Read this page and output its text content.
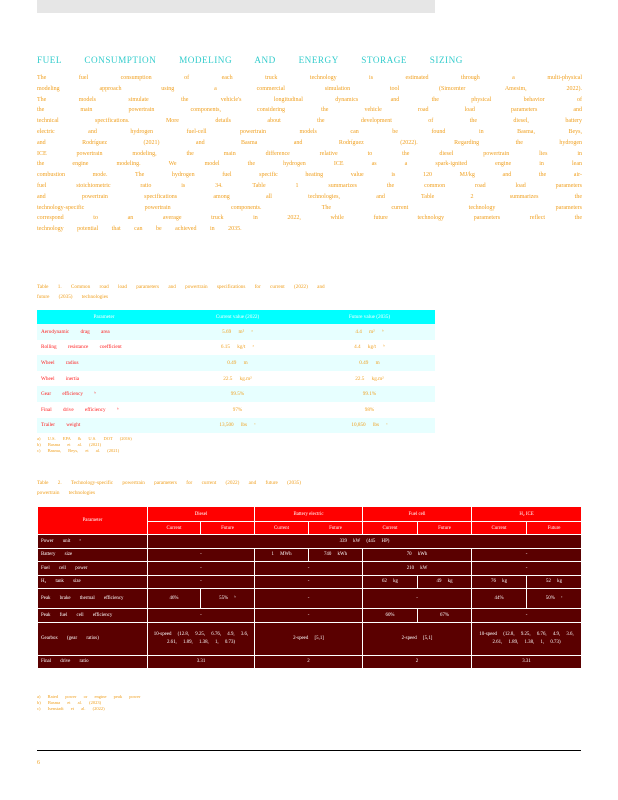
FUEL CONSUMPTION MODELING AND ENERGY STORAGE SIZING
The fuel consumption of each truck technology is estimated through a multi-physical
modeling approach using a commercial simulation tool (Simcenter Amesim, 2022).
The models simulate the vehicle's longitudinal dynamics and the physical behavior of
the main powertrain components, considering the vehicle road load parameters and
technical specifications. More details about the development of the diesel, battery
electric and hydrogen fuel-cell powertrain models can be found in Basma, Beys,
and Rodríguez (2021) and Basma and Rodríguez (2022). Regarding the hydrogen
ICE powertrain modeling, the main difference relative to the diesel powertrain lies in
the engine modeling. We model the hydrogen ICE as a spark-ignited engine in lean
combustion mode. The hydrogen fuel specific heating value is 120 MJ/kg and the air-
fuel stoichiometric ratio is 34. Table 1 summarizes the common road load parameters
and powertrain specifications among all technologies, and Table 2 summarizes the
technology-specific powertrain components. The current technology parameters
correspond to an average truck in 2022, while future technology parameters reflect the
technology potential that can be achieved in 2035.
Table 1. Common road load parameters and powertrain specifications for current (2022) and
future (2035) technologies
Parameter	Current value (2022)	Future value (2035)
Aerodynamic drag area	5.69 m² ᵃ	4.4 m² ᵇ
Rolling resistance coefficient	6.15 kg/t ᵃ	4.4 kg/t ᵇ
Wheel radius	0.49 m	0.49 m
Wheel inertia	22.5 kg.m²	22.5 kg.m²
Gear efficiency ᵇ	99.5%	99.1%
Final drive efficiency ᵇ	97%	98%
Trailer weight	13,500 lbs ᶜ	10,850 lbs ᶜ
a) U.S. EPA & U.S. DOT (2016)
b) Basma et al. (2021)
c) Basma, Beys, et al. (2021)
Table 2. Technology-specific powertrain parameters for current (2022) and future (2035)
powertrain technologies
Parameter	Diesel		Battery electric		Fuel cell		H₂ ICE	
	Current	Future	Current	Future	Current	Future	Current	Future
Power unit ᵃ	339 kW (445 HP)							
Battery size	-		1 MWh	740 kWh	70 kWh		-	
Fuel cell power	-		-		210 kW		-	
H₂ tank size	-		-		62 kg	49 kg	76 kg	52 kg
Peak brake thermal efficiency	46%	55% ᵇ	-		-		44%	50% ᶜ
Peak fuel cell efficiency	-		-		60%	67%	-	
Gearbox (gear ratios)	10-speed (12.8, 9.25, 6.76, 4.9, 3.6, 2.61, 1.89, 1.38, 1, 0.73)		2-speed [5,1]		2-speed [5,1]		10-speed (12.8, 9.25, 6.76, 4.9, 3.6, 2.61, 1.89, 1.38, 1, 0.73)	
Final drive ratio	3.31		2		2		3.31	
a) Rated power or engine peak power
b) Basma et al. (2023)
c) Isenstadt et al. (2022)
6
